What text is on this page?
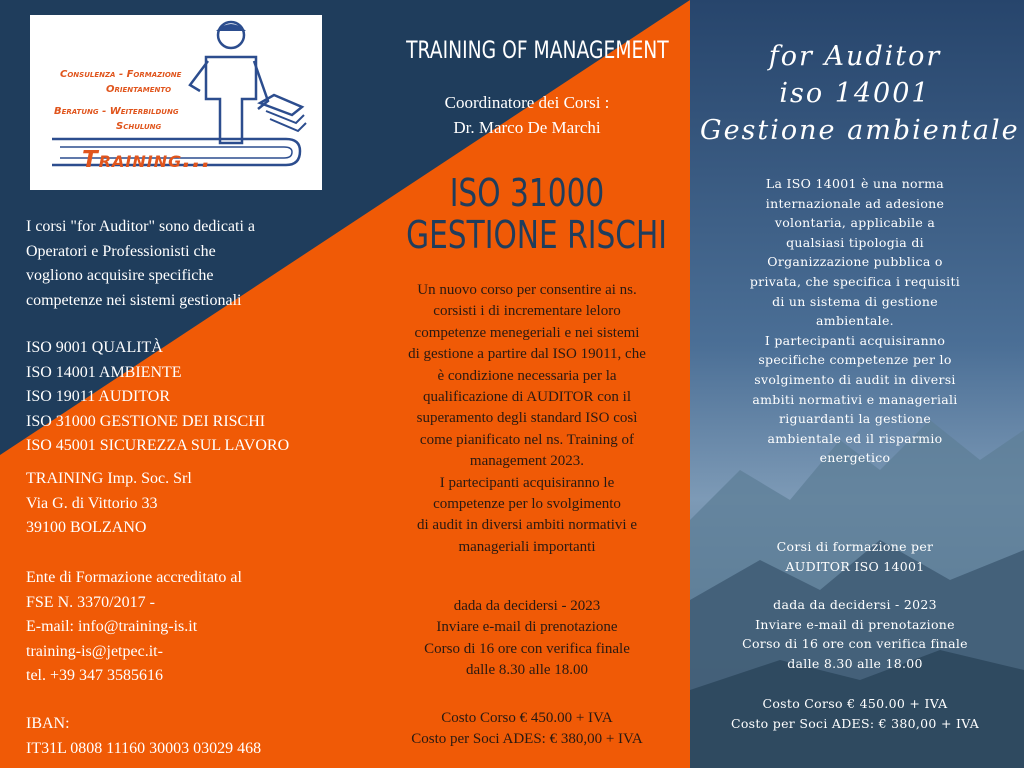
Consulenza - Formazione
Orientamento
Beratung - Weiterbildung
Schulung
Training...
I corsi "for Auditor" sono dedicati a
Operatori e Professionisti che
vogliono acquisire specifiche
competenze nei sistemi gestionali
ISO 9001 QUALITÀ
ISO 14001 AMBIENTE
ISO 19011 AUDITOR
ISO 31000 GESTIONE DEI RISCHI
ISO 45001 SICUREZZA SUL LAVORO
TRAINING Imp. Soc. Srl
Via G. di Vittorio 33
39100 BOLZANO
Ente di Formazione accreditato al
FSE N. 3370/2017 -
E-mail: info@training-is.it
training-is@jetpec.it-
tel. +39 347 3585616
IBAN:
IT31L 0808 11160 30003 03029 468
TRAINING OF MANAGEMENT
Coordinatore dei Corsi :
Dr. Marco De Marchi
ISO 31000
GESTIONE RISCHI
Un nuovo corso per consentire ai ns.
corsisti i di incrementare leloro
competenze menegeriali e nei sistemi
di gestione a partire dal ISO 19011, che
è condizione necessaria per la
qualificazione di AUDITOR con il
superamento degli standard ISO così
come pianificato nel ns. Training of
management 2023.
I partecipanti acquisiranno le
competenze per lo svolgimento
di audit in diversi ambiti normativi e
manageriali importanti
dada da decidersi - 2023
Inviare e-mail di prenotazione
Corso di 16 ore con verifica finale
dalle 8.30 alle 18.00
Costo Corso € 450.00 + IVA
Costo per Soci ADES: € 380,00 + IVA
for Auditor
iso 14001
Gestione ambientale
La ISO 14001 è una norma
internazionale ad adesione
volontaria, applicabile a
qualsiasi tipologia di
Organizzazione pubblica o
privata, che specifica i requisiti
di un sistema di gestione
ambientale.
I partecipanti acquisiranno
specifiche competenze per lo
svolgimento di audit in diversi
ambiti normativi e manageriali
riguardanti la gestione
ambientale ed il risparmio
energetico
Corsi di formazione per
AUDITOR ISO 14001
dada da decidersi - 2023
Inviare e-mail di prenotazione
Corso di 16 ore con verifica finale
dalle 8.30 alle 18.00
Costo Corso € 450.00 + IVA
Costo per Soci ADES: € 380,00 + IVA
